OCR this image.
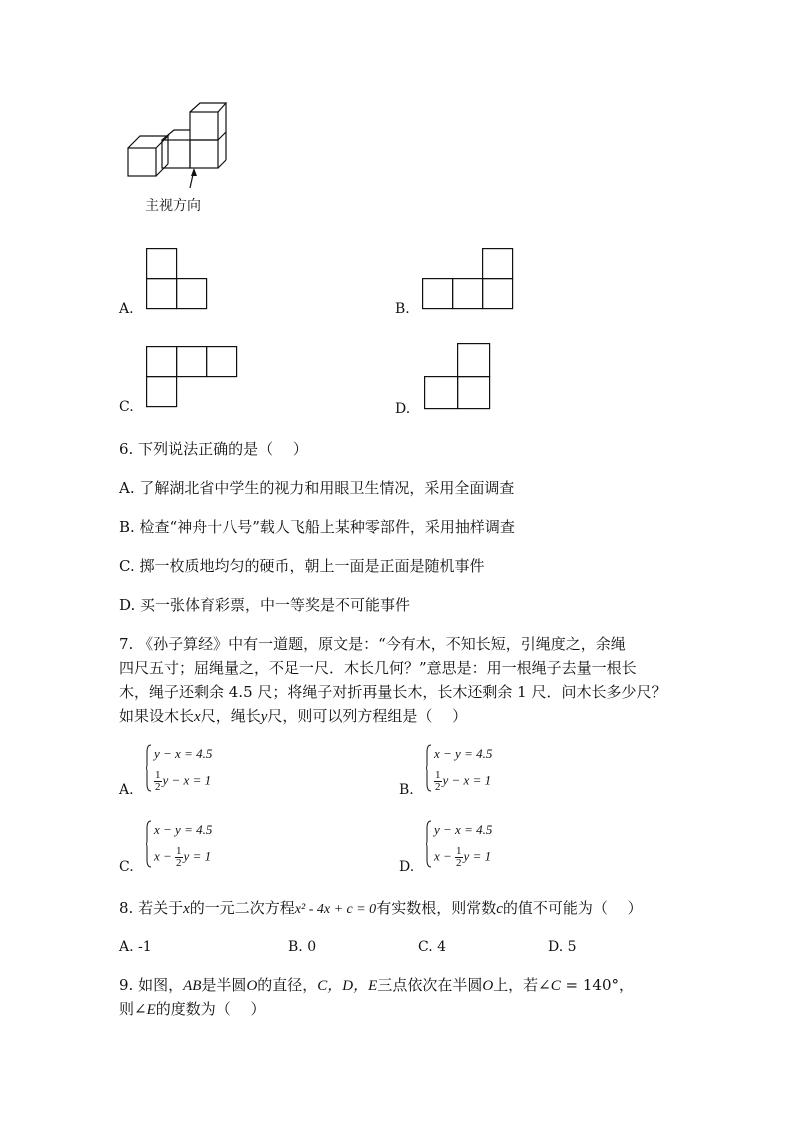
主视方向
A.	B.
C.	D.
6. 下列说法正确的是（　 ）
A. 了解湖北省中学生的视力和用眼卫生情况，采用全面调查
B. 检查“神舟十八号”载人飞船上某种零部件，采用抽样调查
C. 掷一枚质地均匀的硬币，朝上一面是正面是随机事件
D. 买一张体育彩票，中一等奖是不可能事件
7. 《孙子算经》中有一道题，原文是：“今有木，不知长短，引绳度之，余绳
四尺五寸；屈绳量之，不足一尺．木长几何？”意思是：用一根绳子去量一根长
木，绳子还剩余 4.5 尺；将绳子对折再量长木，长木还剩余 1 尺．问木长多少尺？
如果设木长x尺，绳长y尺，则可以列方程组是（　 ）
A.
y − x = 4.5
$\frac{1}{2}$ y − x = 1
B.
x − y = 4.5
$\frac{1}{2}$ y − x = 1
C.
x − y = 4.5
$x - \frac{1}{2}$ y = 1
D.
y − x = 4.5
$x - \frac{1}{2}$ y = 1
8. 若关于x的一元二次方程x² - 4x + c = 0有实数根，则常数c的值不可能为（　 ）
A. -1	B. 0	C. 4	D. 5
9. 如图，AB是半圆O的直径，C，D，E三点依次在半圆O上，若∠C = 140°，
则∠E的度数为（　 ）
